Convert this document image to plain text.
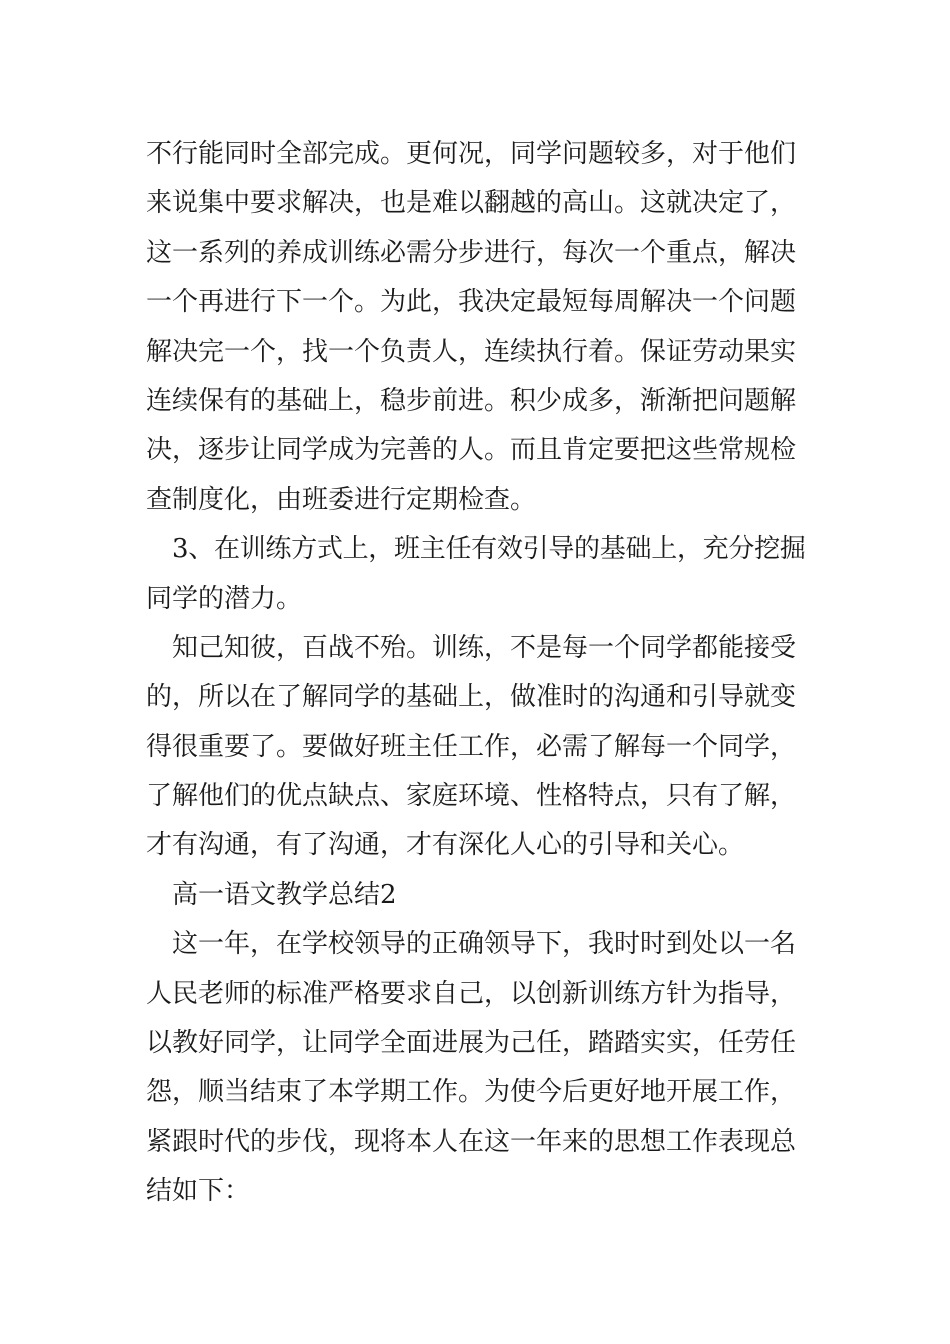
不行能同时全部完成。更何况，同学问题较多，对于他们
来说集中要求解决，也是难以翻越的高山。这就决定了，
这一系列的养成训练必需分步进行，每次一个重点，解决
一个再进行下一个。为此，我决定最短每周解决一个问题
解决完一个，找一个负责人，连续执行着。保证劳动果实
连续保有的基础上，稳步前进。积少成多，渐渐把问题解
决，逐步让同学成为完善的人。而且肯定要把这些常规检
查制度化，由班委进行定期检查。
3、在训练方式上，班主任有效引导的基础上，充分挖掘
同学的潜力。
知己知彼，百战不殆。训练，不是每一个同学都能接受
的，所以在了解同学的基础上，做准时的沟通和引导就变
得很重要了。要做好班主任工作，必需了解每一个同学，
了解他们的优点缺点、家庭环境、性格特点，只有了解，
才有沟通，有了沟通，才有深化人心的引导和关心。
高一语文教学总结2
这一年，在学校领导的正确领导下，我时时到处以一名
人民老师的标准严格要求自己，以创新训练方针为指导，
以教好同学，让同学全面进展为己任，踏踏实实，任劳任
怨，顺当结束了本学期工作。为使今后更好地开展工作，
紧跟时代的步伐，现将本人在这一年来的思想工作表现总
结如下：
